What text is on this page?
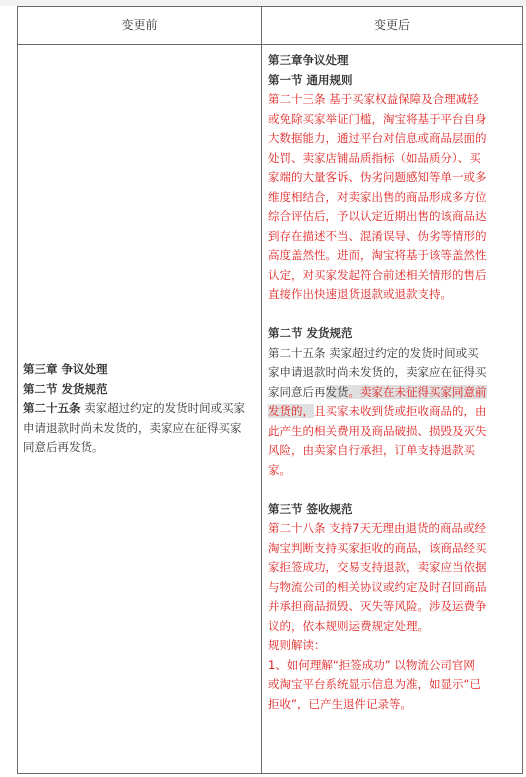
变更前	变更后
第三章 争议处理
第二节 发货规范
第二十五条 卖家超过约定的发货时间或买家
申请退款时尚未发货的，卖家应在征得买家
同意后再发货。
第三章争议处理
第一节 通用规则
第二十三条 基于买家权益保障及合理减轻
或免除买家举证门槛，淘宝将基于平台自身
大数据能力，通过平台对信息或商品层面的
处罚、卖家店铺品质指标（如品质分）、买
家端的大量客诉、伪劣问题感知等单一或多
维度相结合，对卖家出售的商品形成多方位
综合评估后，予以认定近期出售的该商品达
到存在描述不当、混淆误导、伪劣等情形的
高度盖然性。进而，淘宝将基于该等盖然性
认定，对买家发起符合前述相关情形的售后
直接作出快速退货退款或退款支持。
第二节 发货规范
第二十五条 卖家超过约定的发货时间或买
家申请退款时尚未发货的，卖家应在征得买
家同意后再发货。卖家在未征得买家同意前
发货的，且买家未收到货或拒收商品的，由
此产生的相关费用及商品破损、损毁及灭失
风险，由卖家自行承担，订单支持退款买
家。
第三节 签收规范
第二十八条 支持7天无理由退货的商品或经
淘宝判断支持买家拒收的商品，该商品经买
家拒签成功，交易支持退款，卖家应当依据
与物流公司的相关协议或约定及时召回商品
并承担商品损毁、灭失等风险。涉及运费争
议的，依本规则运费规定处理。
规则解读：
1、如何理解“拒签成功” 以物流公司官网
或淘宝平台系统显示信息为准，如显示“已
拒收”，已产生退件记录等。
